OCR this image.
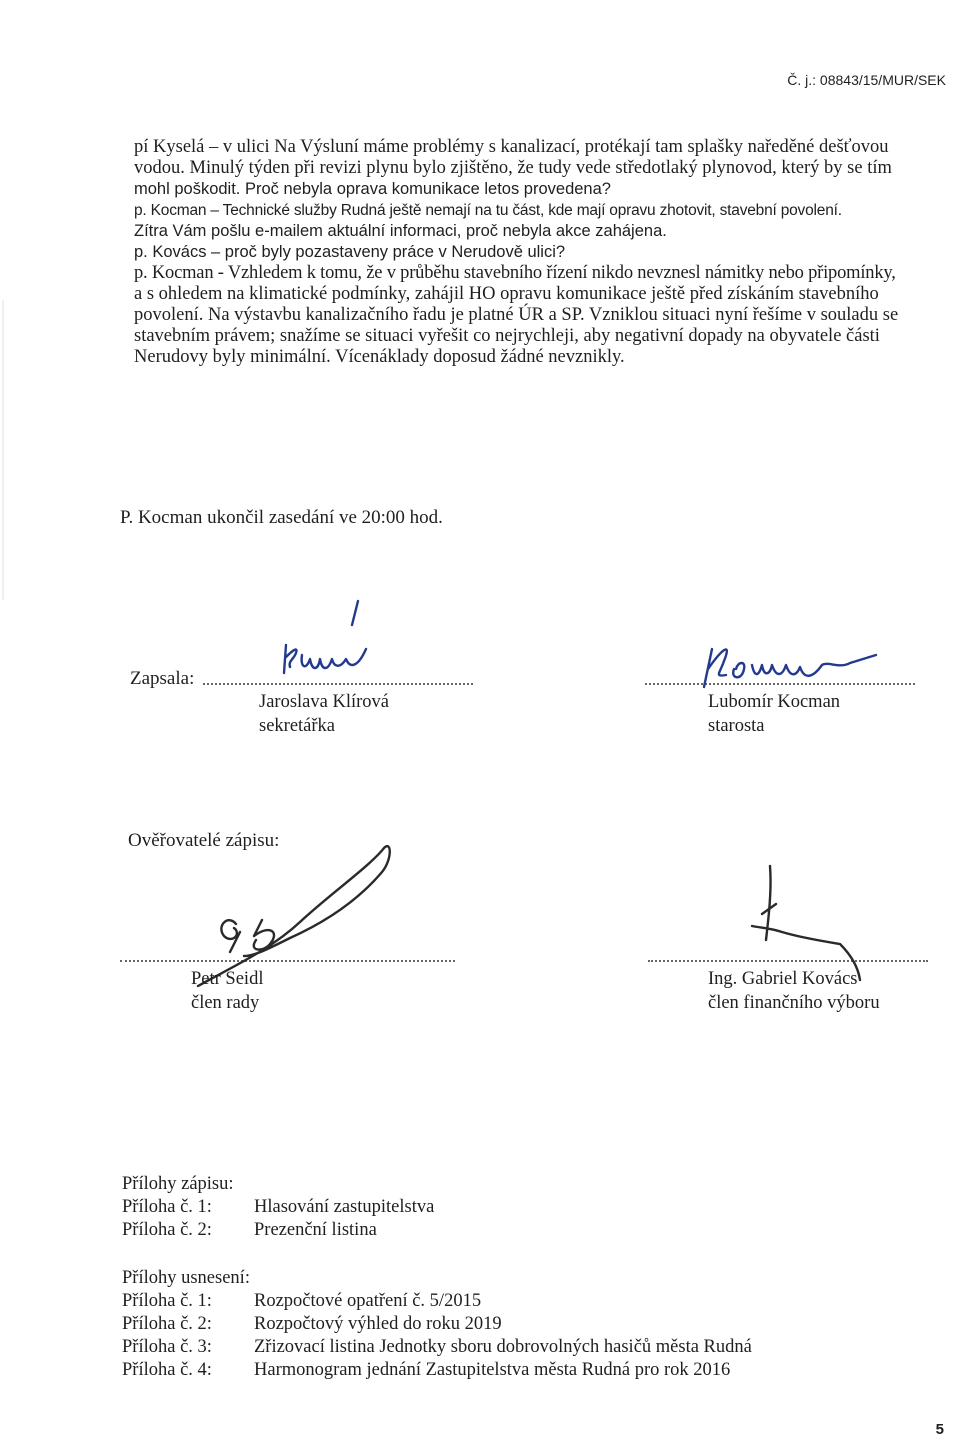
Č. j.: 08843/15/MUR/SEK
pí Kyselá – v ulici Na Výsluní máme problémy s kanalizací, protékají tam splašky naředěné dešťovou
vodou. Minulý týden při revizi plynu bylo zjištěno, že tudy vede středotlaký plynovod, který by se tím
mohl poškodit. Proč nebyla oprava komunikace letos provedena?
p. Kocman – Technické služby Rudná ještě nemají na tu část, kde mají opravu zhotovit, stavební povolení.
Zítra Vám pošlu e-mailem aktuální informaci, proč nebyla akce zahájena.
p. Kovács – proč byly pozastaveny práce v Nerudově ulici?
p. Kocman - Vzhledem k tomu, že v průběhu stavebního řízení nikdo nevznesl námitky nebo připomínky,
a s ohledem na klimatické podmínky, zahájil HO opravu komunikace ještě před získáním stavebního
povolení. Na výstavbu kanalizačního řadu je platné ÚR a SP. Vzniklou situaci nyní řešíme v souladu se
stavebním právem; snažíme se situaci vyřešit co nejrychleji, aby negativní dopady na obyvatele části
Nerudovy byly minimální. Vícenáklady doposud žádné nevznikly.
P. Kocman ukončil zasedání ve 20:00 hod.
Zapsala:
Jaroslava Klírová
sekretářka
Lubomír Kocman
starosta
Ověřovatelé zápisu:
Petr Seidl
člen rady
Ing. Gabriel Kovács
člen finančního výboru
Přílohy zápisu:
Příloha č. 1:	Hlasování zastupitelstva
Příloha č. 2:	Prezenční listina
Přílohy usnesení:
Příloha č. 1:	Rozpočtové opatření č. 5/2015
Příloha č. 2:	Rozpočtový výhled do roku 2019
Příloha č. 3:	Zřizovací listina Jednotky sboru dobrovolných hasičů města Rudná
Příloha č. 4:	Harmonogram jednání Zastupitelstva města Rudná pro rok 2016
5
